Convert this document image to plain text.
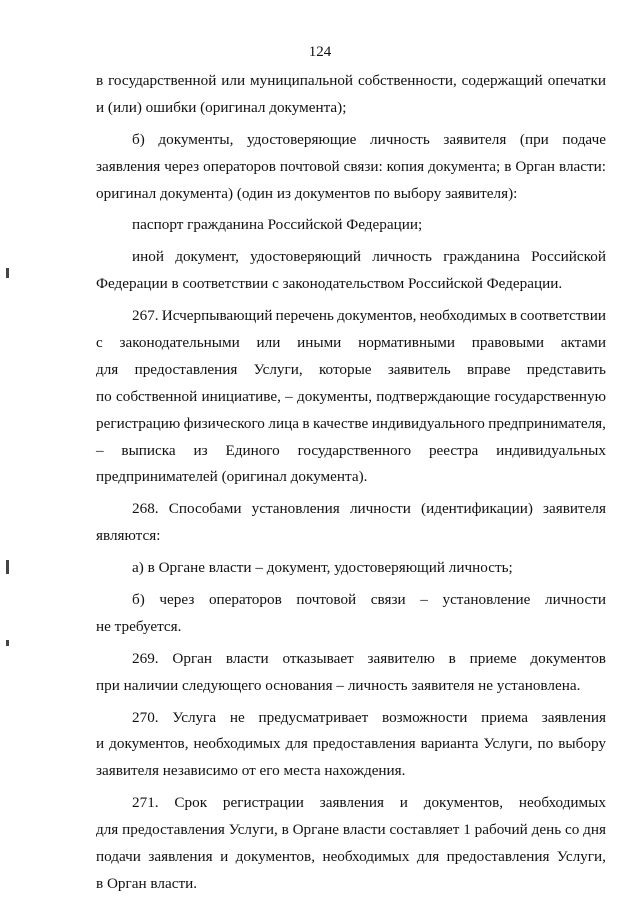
124
в государственной или муниципальной собственности, содержащий опечатки
и (или) ошибки (оригинал документа);
б) документы, удостоверяющие личность заявителя (при подаче
заявления через операторов почтовой связи: копия документа; в Орган власти:
оригинал документа) (один из документов по выбору заявителя):
паспорт гражданина Российской Федерации;
иной документ, удостоверяющий личность гражданина Российской
Федерации в соответствии с законодательством Российской Федерации.
267. Исчерпывающий перечень документов, необходимых в соответствии
с законодательными или иными нормативными правовыми актами
для предоставления Услуги, которые заявитель вправе представить
по собственной инициативе, – документы, подтверждающие государственную
регистрацию физического лица в качестве индивидуального предпринимателя,
– выписка из Единого государственного реестра индивидуальных
предпринимателей (оригинал документа).
268. Способами установления личности (идентификации) заявителя
являются:
а) в Органе власти – документ, удостоверяющий личность;
б) через операторов почтовой связи – установление личности
не требуется.
269. Орган власти отказывает заявителю в приеме документов
при наличии следующего основания – личность заявителя не установлена.
270. Услуга не предусматривает возможности приема заявления
и документов, необходимых для предоставления варианта Услуги, по выбору
заявителя независимо от его места нахождения.
271. Срок регистрации заявления и документов, необходимых
для предоставления Услуги, в Органе власти составляет 1 рабочий день со дня
подачи заявления и документов, необходимых для предоставления Услуги,
в Орган власти.
